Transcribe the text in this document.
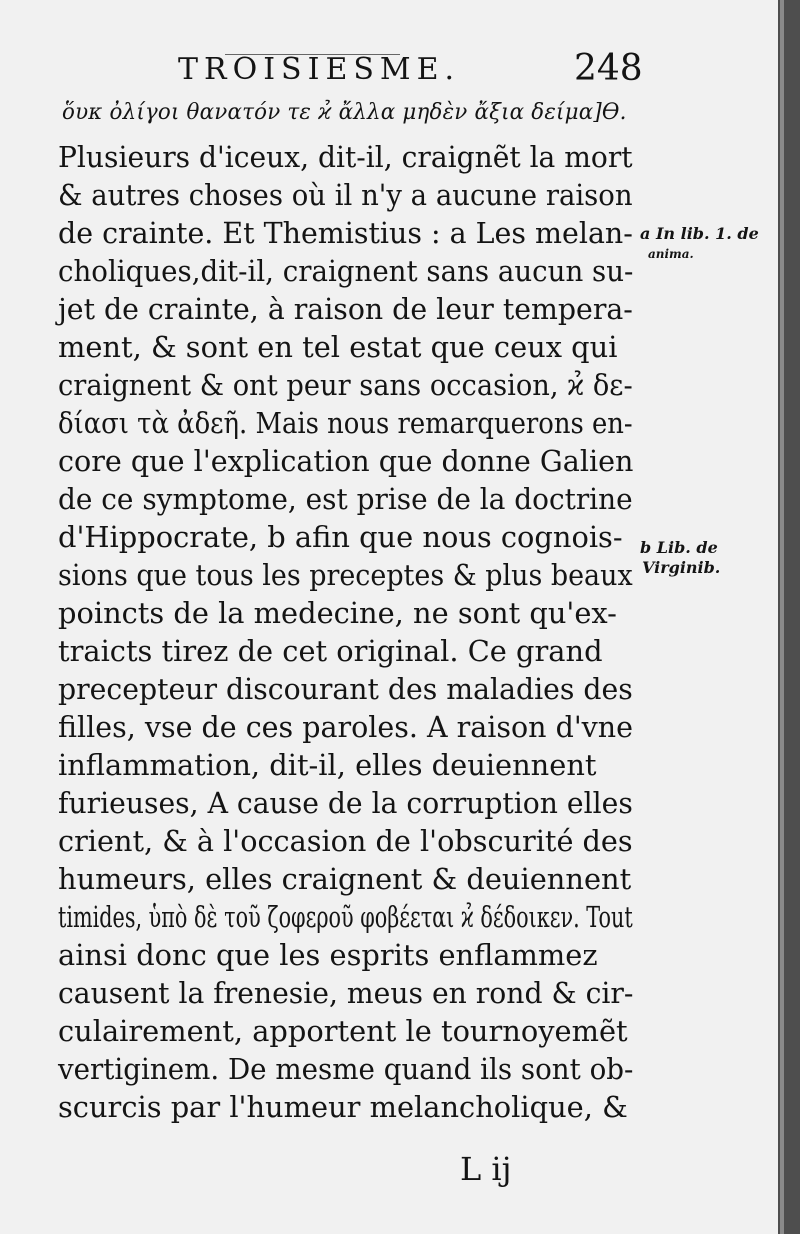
TROISIESME.	248
ὅυκ ὀλίγοι θανατόν τε ϰ̉ ἄλλα μηδὲν ἄξια δείμα]ϴ.
Plusieurs d'iceux, dit-il, craignẽt la mort
& autres choses où il n'y a aucune raison
de crainte. Et Themistius : a Les melan-
choliques,dit-il, craignent sans aucun su-
jet de crainte, à raison de leur tempera-
ment, & sont en tel estat que ceux qui
craignent & ont peur sans occasion, ϰ̉ δε-
δίασι τὰ ἀδεῆ. Mais nous remarquerons en-
core que l'explication que donne Galien
de ce symptome, est prise de la doctrine
d'Hippocrate, b afin que nous cognois-
sions que tous les preceptes & plus beaux
poincts de la medecine, ne sont qu'ex-
traicts tirez de cet original. Ce grand
precepteur discourant des maladies des
filles, vse de ces paroles. A raison d'vne
inflammation, dit-il, elles deuiennent
furieuses, A cause de la corruption elles
crient, & à l'occasion de l'obscurité des
humeurs, elles craignent & deuiennent
timides, ὑπὸ δὲ τοῦ ζοφεροῦ φοβέεται ϰ̉ δέδοικεν. Tout
ainsi donc que les esprits enflammez
causent la frenesie, meus en rond & cir-
culairement, apportent le tournoyemẽt
vertiginem. De mesme quand ils sont ob-
scurcis par l'humeur melancholique, &
a In lib. 1. de
anima.
b Lib. de
Virginib.
L ij
